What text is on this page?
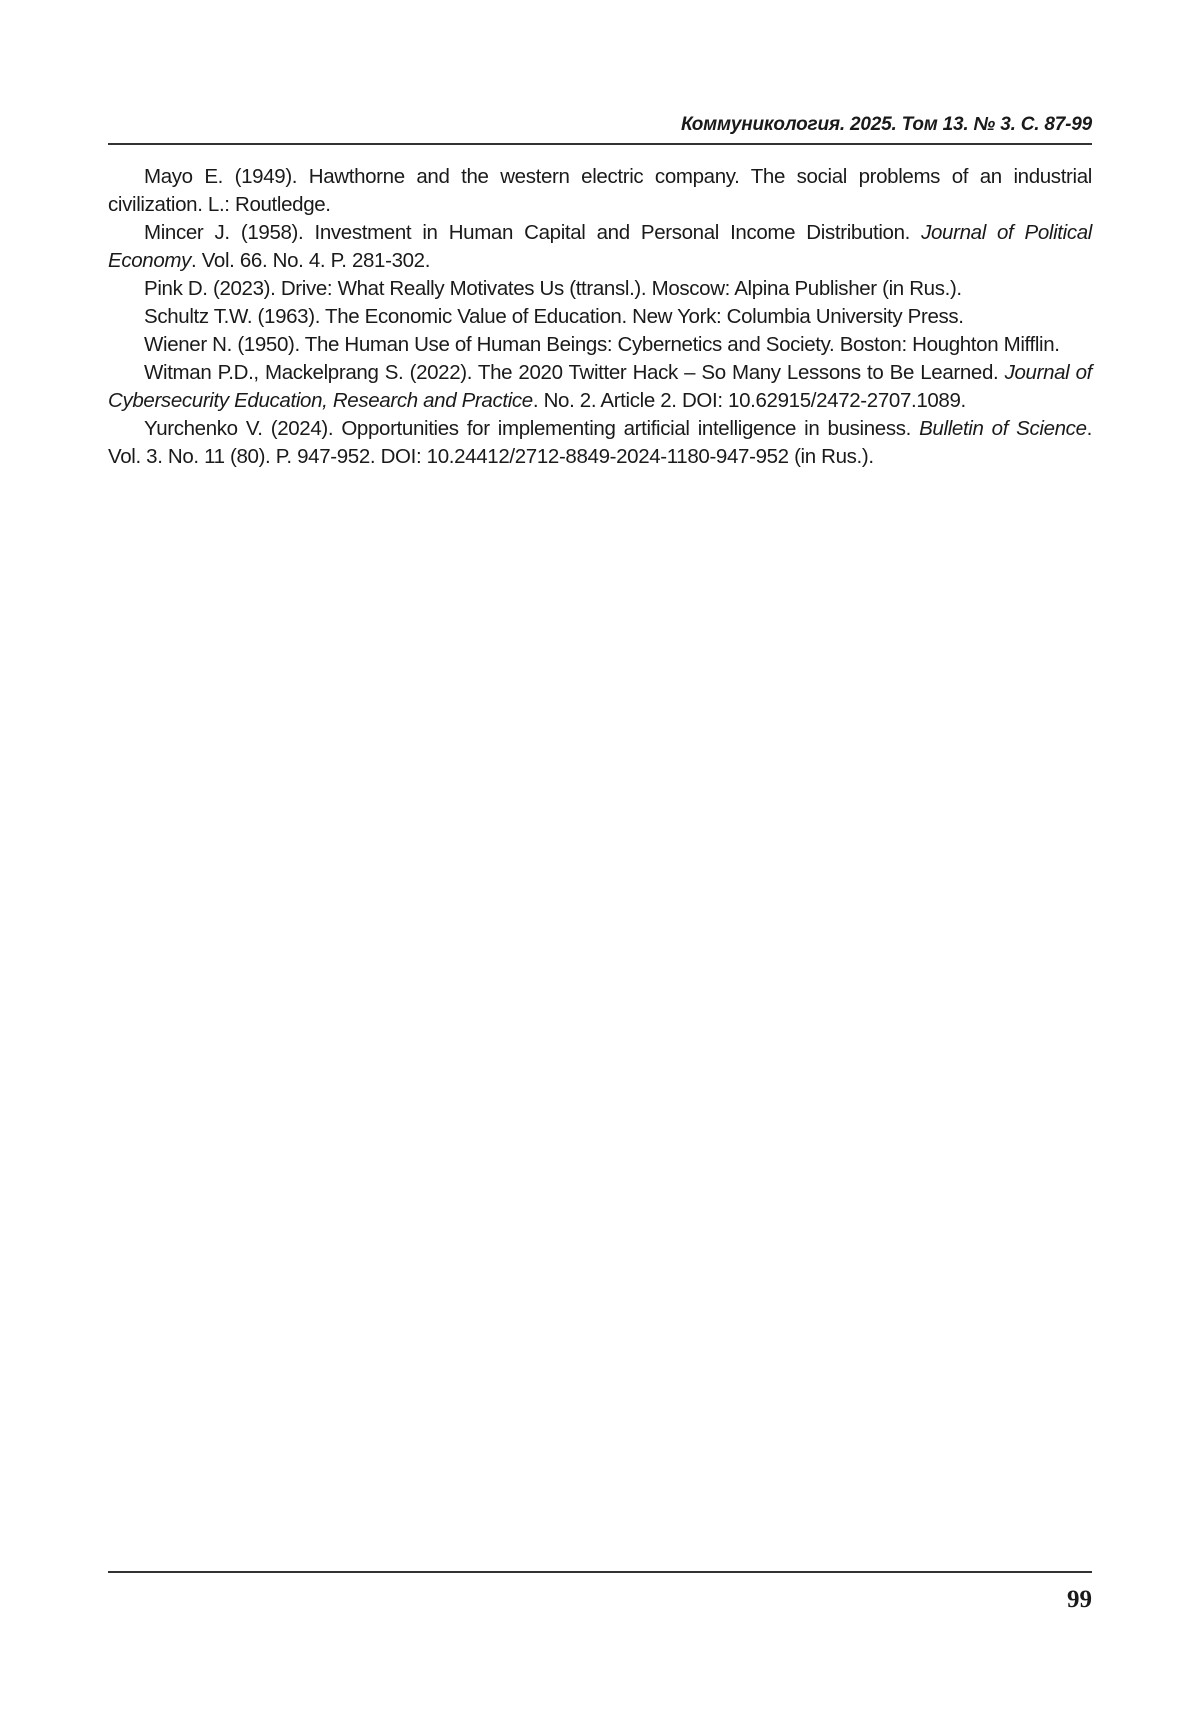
Коммуникология. 2025. Том 13. № 3. С. 87-99

Mayo E. (1949). Hawthorne and the western electric company. The social problems of an industrial civilization. L.: Routledge.

Mincer J. (1958). Investment in Human Capital and Personal Income Distribution. Journal of Political Economy. Vol. 66. No. 4. P. 281-302.

Pink D. (2023). Drive: What Really Motivates Us (ttransl.). Moscow: Alpina Publisher (in Rus.).

Schultz T.W. (1963). The Economic Value of Education. New York: Columbia University Press.

Wiener N. (1950). The Human Use of Human Beings: Cybernetics and Society. Boston: Houghton Mifflin.

Witman P.D., Mackelprang S. (2022). The 2020 Twitter Hack – So Many Lessons to Be Learned. Journal of Cybersecurity Education, Research and Practice. No. 2. Article 2. DOI: 10.62915/2472-2707.1089.

Yurchenko V. (2024). Opportunities for implementing artificial intelligence in business. Bulletin of Science. Vol. 3. No. 11 (80). P. 947-952. DOI: 10.24412/2712-8849-2024-1180-947-952 (in Rus.).

99
